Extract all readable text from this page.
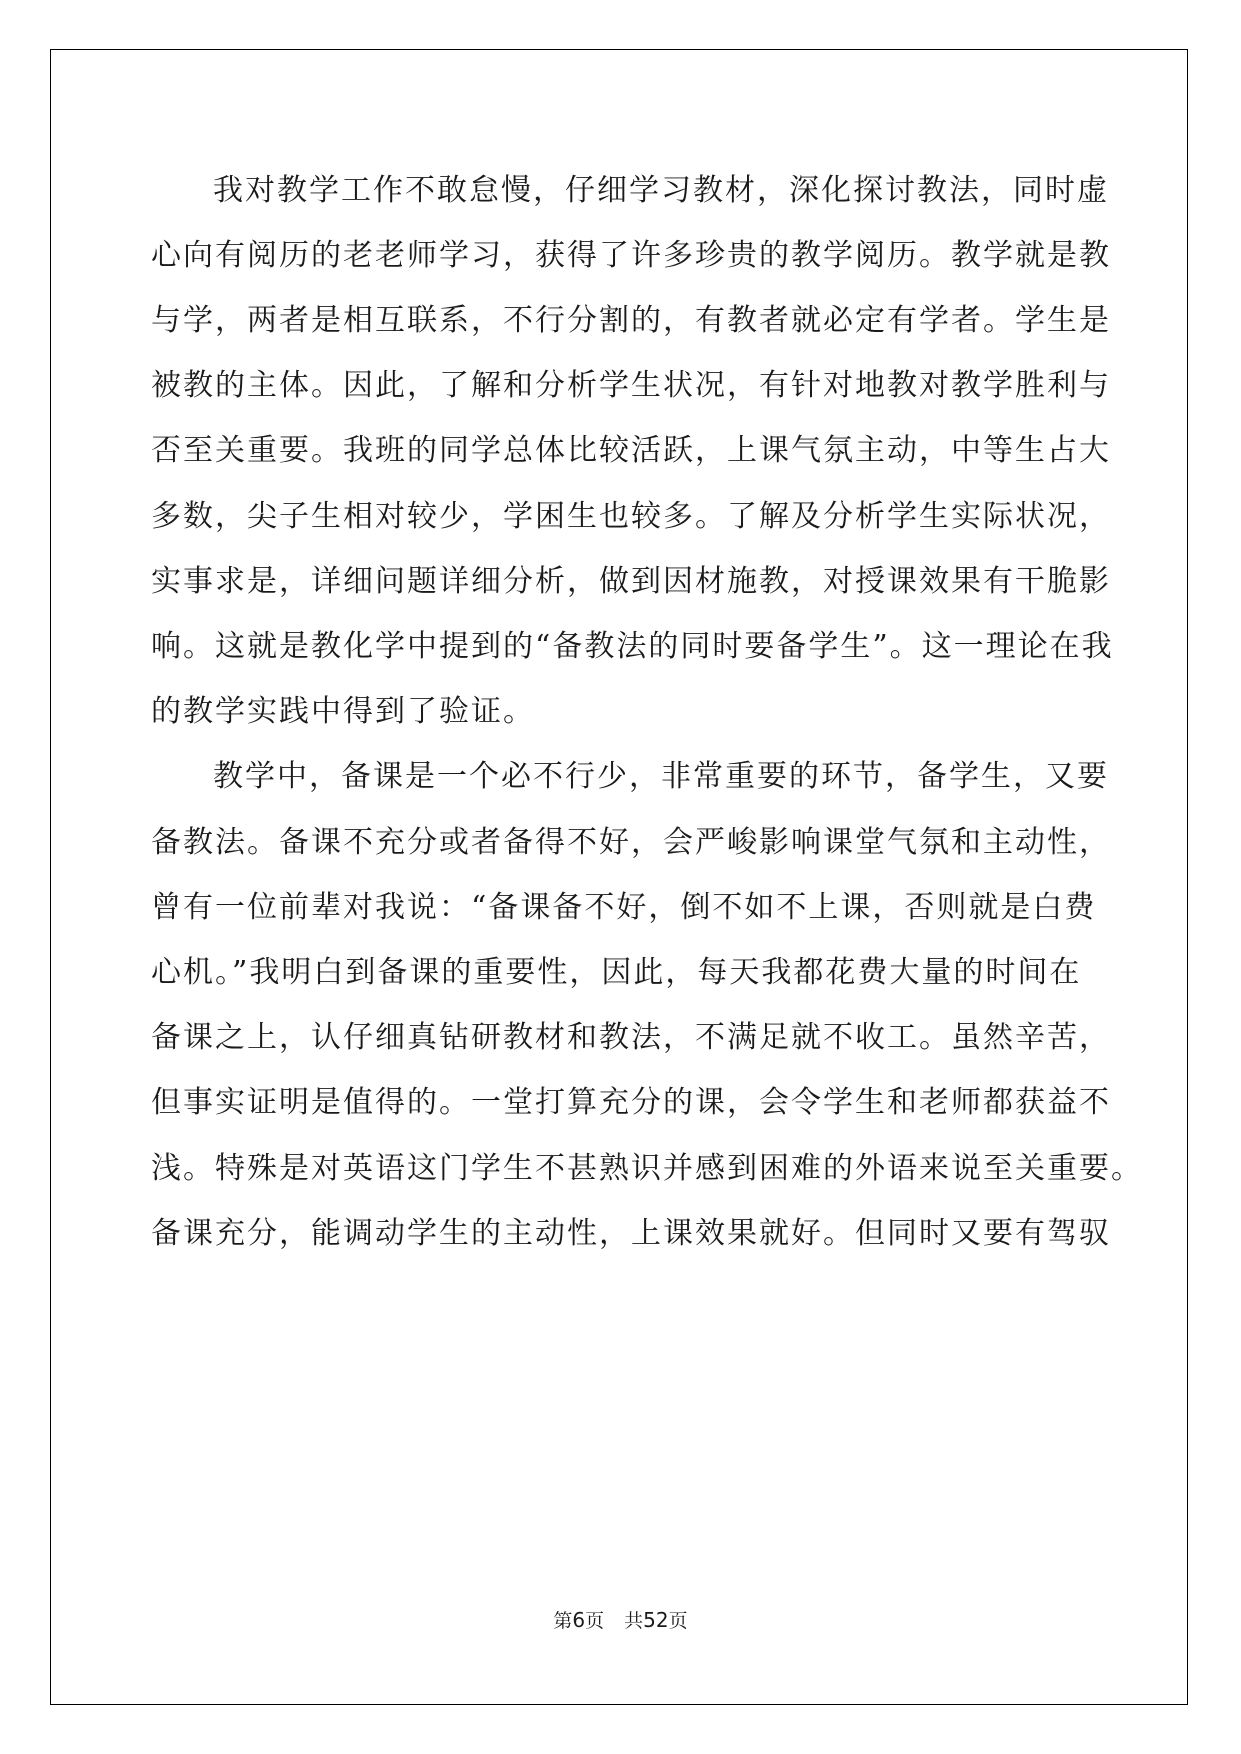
我对教学工作不敢怠慢，仔细学习教材，深化探讨教法，同时虚
心向有阅历的老老师学习，获得了许多珍贵的教学阅历。教学就是教
与学，两者是相互联系，不行分割的，有教者就必定有学者。学生是
被教的主体。因此，了解和分析学生状况，有针对地教对教学胜利与
否至关重要。我班的同学总体比较活跃，上课气氛主动，中等生占大
多数，尖子生相对较少，学困生也较多。了解及分析学生实际状况，
实事求是，详细问题详细分析，做到因材施教，对授课效果有干脆影
响。这就是教化学中提到的“备教法的同时要备学生”。这一理论在我
的教学实践中得到了验证。
教学中，备课是一个必不行少，非常重要的环节，备学生，又要
备教法。备课不充分或者备得不好，会严峻影响课堂气氛和主动性，
曾有一位前辈对我说：“备课备不好，倒不如不上课，否则就是白费
心机。”我明白到备课的重要性，因此，每天我都花费大量的时间在
备课之上，认仔细真钻研教材和教法，不满足就不收工。虽然辛苦，
但事实证明是值得的。一堂打算充分的课，会令学生和老师都获益不
浅。特殊是对英语这门学生不甚熟识并感到困难的外语来说至关重要。
备课充分，能调动学生的主动性，上课效果就好。但同时又要有驾驭
第6页 共52页
